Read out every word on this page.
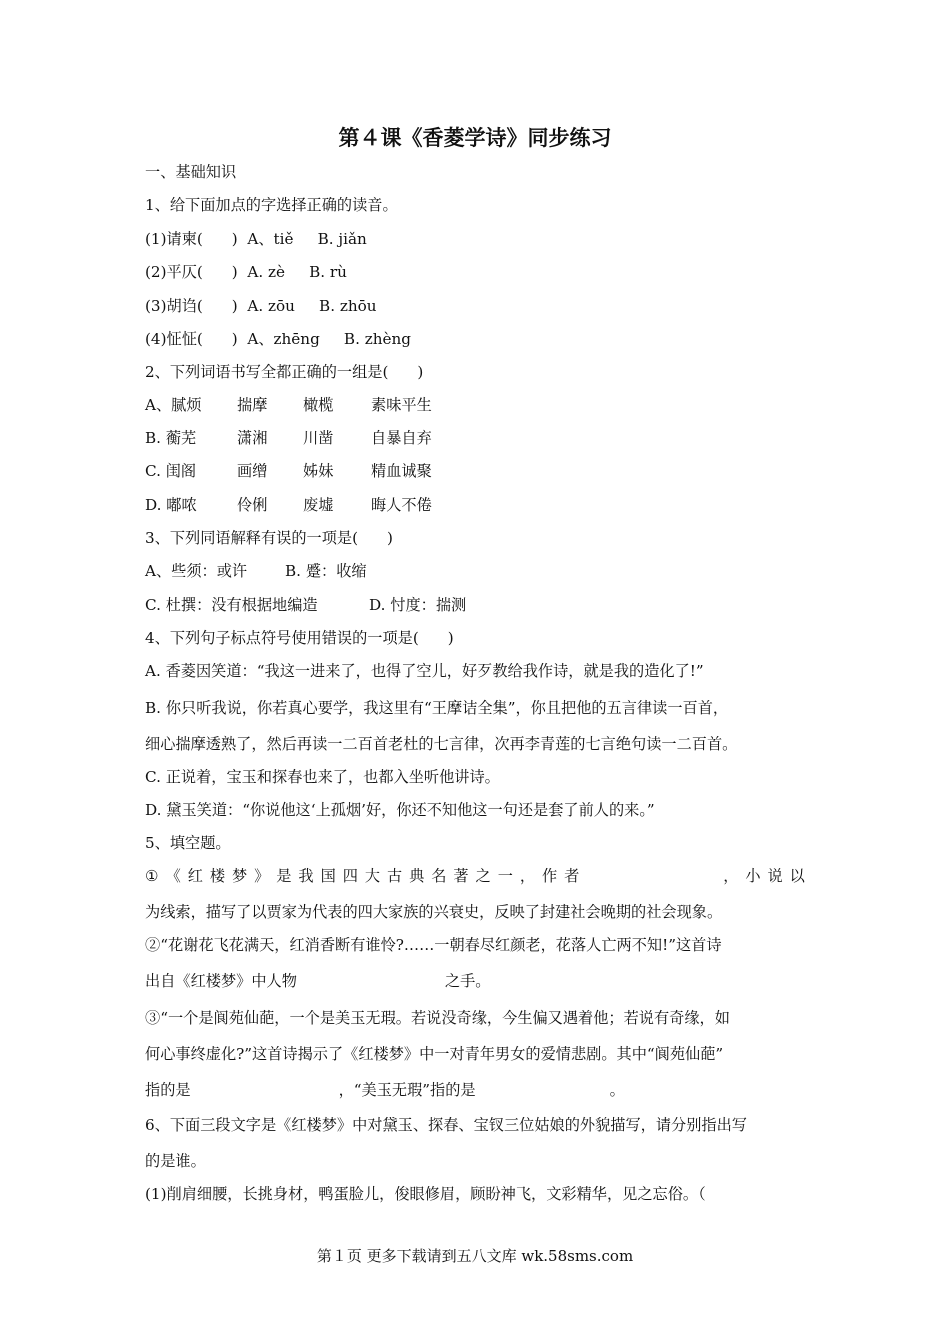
第４课《香菱学诗》同步练习
一、基础知识
1、给下面加点的字选择正确的读音。
(1)请柬(      )  A、tiě     B. jiǎn
(2)平仄(      )  A. zè     B. rù
(3)胡诌(      )  A. zōu     B. zhōu
(4)怔怔(      )  A、zhēng     B. zhèng
2、下列词语书写全都正确的一组是(      )
A、腻烦 揣摩 橄榄 素味平生
B. 蘅芜	潇湘 川凿 自暴自弃
C. 闺阁	画缯 姊妹 精血诚聚
D. 嘟哝	伶俐 废墟 晦人不倦
3、下列同语解释有误的一项是(      )
A、些须：或许 B. 蹙：收缩
C. 杜撰：没有根据地编造	D. 忖度：揣测
4、下列句子标点符号使用错误的一项是(      )
A. 香菱因笑道：“我这一进来了，也得了空儿，好歹教给我作诗，就是我的造化了!”
B. 你只听我说，你若真心要学，我这里有“王摩诘全集”，你且把他的五言律读一百首，
细心揣摩透熟了，然后再读一二百首老杜的七言律，次再李青莲的七言绝句读一二百首。
C. 正说着，宝玉和探春也来了，也都入坐听他讲诗。
D. 黛玉笑道：“你说他这‘上孤烟’好，你还不知他这一句还是套了前人的来。”
5、填空题。
① 《 红 楼 梦 》 是 我 国 四 大 古 典 名 著 之 一 ， 作 者	， 小 说 以
为线索，描写了以贾家为代表的四大家族的兴衰史，反映了封建社会晚期的社会现象。
②“花谢花飞花满天，红消香断有谁怜?……一朝春尽红颜老，花落人亡两不知!”这首诗
出自《红楼梦》中人物	之手。
③“一个是阆苑仙葩，一个是美玉无瑕。若说没奇缘，今生偏又遇着他；若说有奇缘，如
何心事终虚化?”这首诗揭示了《红楼梦》中一对青年男女的爱情悲剧。其中“阆苑仙葩”
指的是	，“美玉无瑕”指的是	。
6、下面三段文字是《红楼梦》中对黛玉、探春、宝钗三位姑娘的外貌描写，请分别指出写
的是谁。
(1)削肩细腰，长挑身材，鸭蛋脸儿，俊眼修眉，顾盼神飞，文彩精华，见之忘俗。（
第１页 更多下载请到五八文库 wk.58sms.com
